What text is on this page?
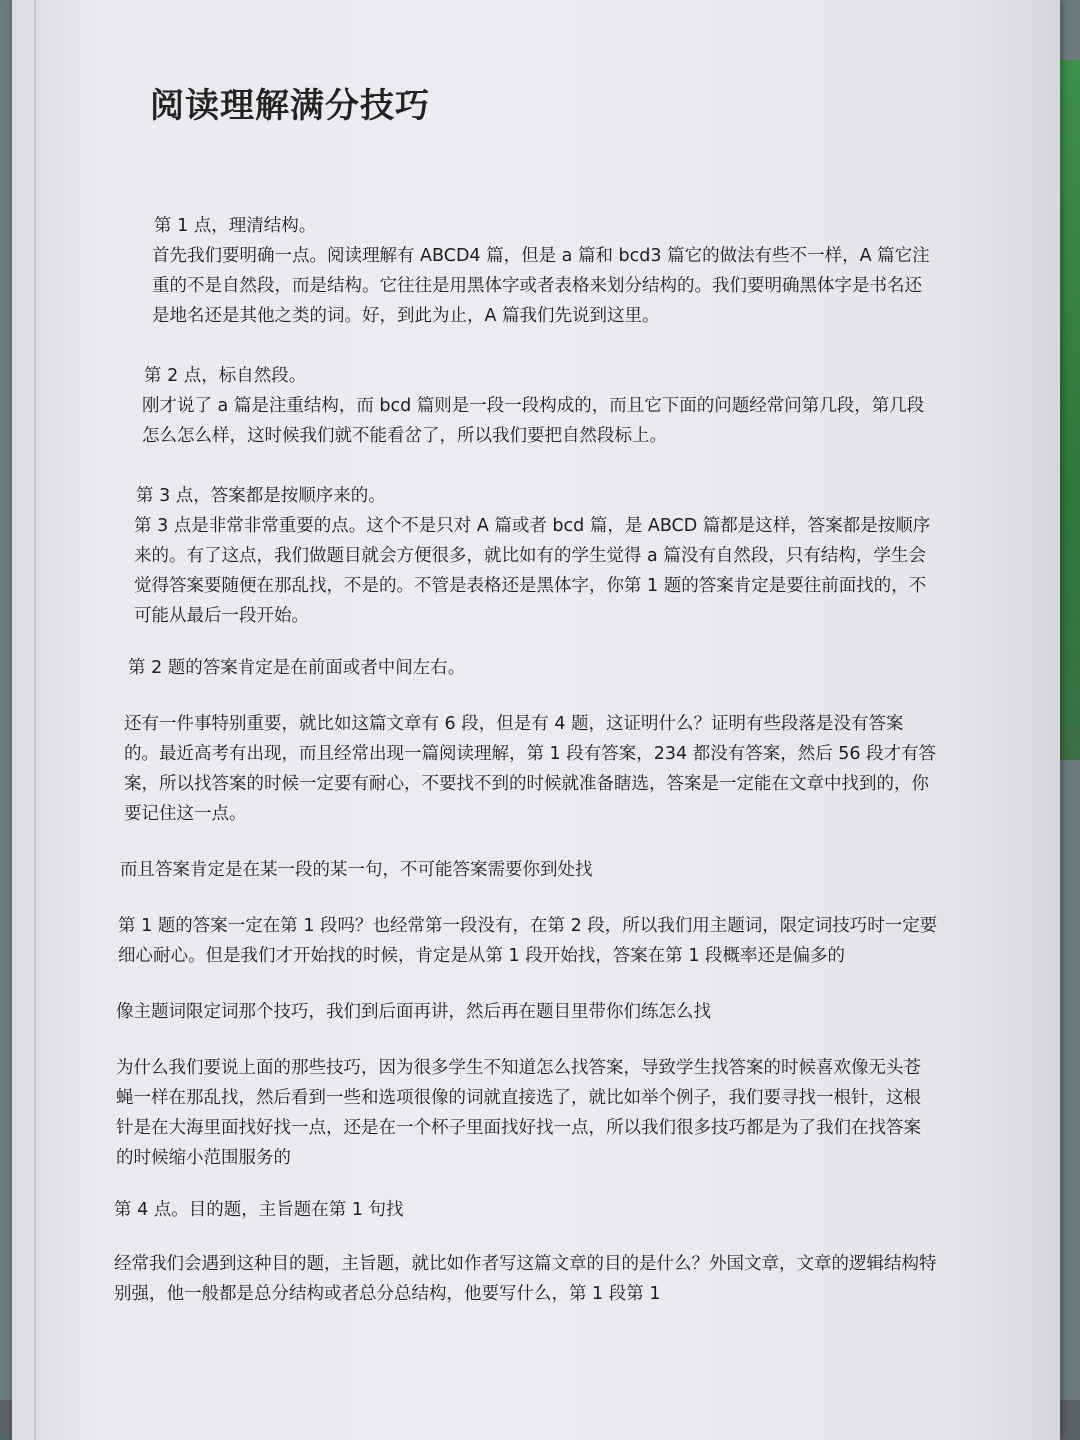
阅读理解满分技巧

第 1 点，理清结构。

首先我们要明确一点。阅读理解有 ABCD4 篇，但是 a 篇和 bcd3 篇它的做法有些不一样，A 篇它注重的不是自然段，而是结构。它往往是用黑体字或者表格来划分结构的。我们要明确黑体字是书名还是地名还是其他之类的词。好，到此为止，A 篇我们先说到这里。

第 2 点，标自然段。

刚才说了 a 篇是注重结构，而 bcd 篇则是一段一段构成的，而且它下面的问题经常问第几段，第几段怎么怎么样，这时候我们就不能看岔了，所以我们要把自然段标上。

第 3 点，答案都是按顺序来的。

第 3 点是非常非常重要的点。这个不是只对 A 篇或者 bcd 篇，是 ABCD 篇都是这样，答案都是按顺序来的。有了这点，我们做题目就会方便很多，就比如有的学生觉得 a 篇没有自然段，只有结构，学生会觉得答案要随便在那乱找，不是的。不管是表格还是黑体字，你第 1 题的答案肯定是要往前面找的，不可能从最后一段开始。

第 2 题的答案肯定是在前面或者中间左右。

还有一件事特别重要，就比如这篇文章有 6 段，但是有 4 题，这证明什么？证明有些段落是没有答案的。最近高考有出现，而且经常出现一篇阅读理解，第 1 段有答案，234 都没有答案，然后 56 段才有答案，所以找答案的时候一定要有耐心，不要找不到的时候就准备瞎选，答案是一定能在文章中找到的，你要记住这一点。

而且答案肯定是在某一段的某一句，不可能答案需要你到处找

第 1 题的答案一定在第 1 段吗？也经常第一段没有，在第 2 段，所以我们用主题词，限定词技巧时一定要细心耐心。但是我们才开始找的时候，肯定是从第 1 段开始找，答案在第 1 段概率还是偏多的

像主题词限定词那个技巧，我们到后面再讲，然后再在题目里带你们练怎么找

为什么我们要说上面的那些技巧，因为很多学生不知道怎么找答案，导致学生找答案的时候喜欢像无头苍蝇一样在那乱找，然后看到一些和选项很像的词就直接选了，就比如举个例子，我们要寻找一根针，这根针是在大海里面找好找一点，还是在一个杯子里面找好找一点，所以我们很多技巧都是为了我们在找答案的时候缩小范围服务的

第 4 点。目的题，主旨题在第 1 句找

经常我们会遇到这种目的题，主旨题，就比如作者写这篇文章的目的是什么？外国文章，文章的逻辑结构特别强，他一般都是总分结构或者总分总结构，他要写什么，第 1 段第 1
